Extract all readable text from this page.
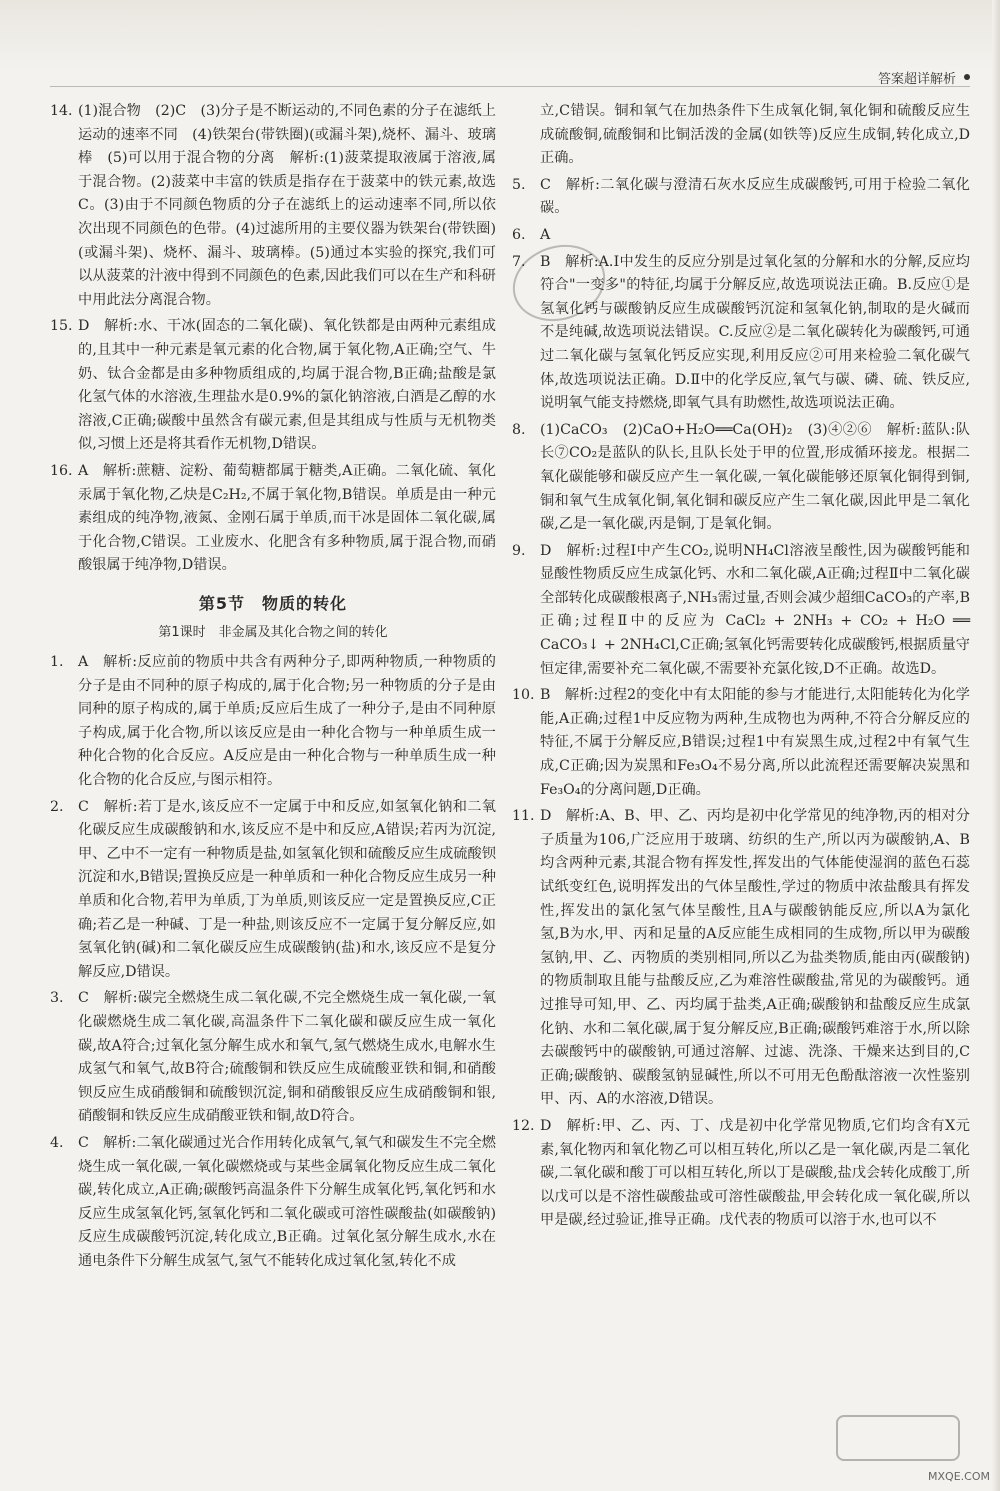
答案超详解析
14. (1)混合物　(2)C　(3)分子是不断运动的,不同色素的分子在滤纸上运动的速率不同　(4)铁架台(带铁圈)(或漏斗架),烧杯、漏斗、玻璃棒　(5)可以用于混合物的分离　解析:(1)菠菜提取液属于溶液,属于混合物。(2)菠菜中丰富的铁质是指存在于菠菜中的铁元素,故选C。(3)由于不同颜色物质的分子在滤纸上的运动速率不同,所以依次出现不同颜色的色带。(4)过滤所用的主要仪器为铁架台(带铁圈)(或漏斗架)、烧杯、漏斗、玻璃棒。(5)通过本实验的探究,我们可以从菠菜的汁液中得到不同颜色的色素,因此我们可以在生产和科研中用此法分离混合物。

15. D　解析:水、干冰(固态的二氧化碳)、氧化铁都是由两种元素组成的,且其中一种元素是氧元素的化合物,属于氧化物,A正确;空气、牛奶、钛合金都是由多种物质组成的,均属于混合物,B正确;盐酸是氯化氢气体的水溶液,生理盐水是0.9%的氯化钠溶液,白酒是乙醇的水溶液,C正确;碳酸中虽然含有碳元素,但是其组成与性质与无机物类似,习惯上还是将其看作无机物,D错误。

16. A　解析:蔗糖、淀粉、葡萄糖都属于糖类,A正确。二氧化硫、氧化汞属于氧化物,乙炔是C₂H₂,不属于氧化物,B错误。单质是由一种元素组成的纯净物,液氮、金刚石属于单质,而干冰是固体二氧化碳,属于化合物,C错误。工业废水、化肥含有多种物质,属于混合物,而硝酸银属于纯净物,D错误。

第5节　物质的转化
第1课时　非金属及其化合物之间的转化
1. A　解析:反应前的物质中共含有两种分子,即两种物质,一种物质的分子是由不同种的原子构成的,属于化合物;另一种物质的分子是由同种的原子构成的,属于单质;反应后生成了一种分子,是由不同种原子构成,属于化合物,所以该反应是由一种化合物与一种单质生成一种化合物的化合反应。A反应是由一种化合物与一种单质生成一种化合物的化合反应,与图示相符。

2. C　解析:若丁是水,该反应不一定属于中和反应,如氢氧化钠和二氧化碳反应生成碳酸钠和水,该反应不是中和反应,A错误;若丙为沉淀,甲、乙中不一定有一种物质是盐,如氢氧化钡和硫酸反应生成硫酸钡沉淀和水,B错误;置换反应是一种单质和一种化合物反应生成另一种单质和化合物,若甲为单质,丁为单质,则该反应一定是置换反应,C正确;若乙是一种碱、丁是一种盐,则该反应不一定属于复分解反应,如氢氧化钠(碱)和二氧化碳反应生成碳酸钠(盐)和水,该反应不是复分解反应,D错误。

3. C　解析:碳完全燃烧生成二氧化碳,不完全燃烧生成一氧化碳,一氧化碳燃烧生成二氧化碳,高温条件下二氧化碳和碳反应生成一氧化碳,故A符合;过氧化氢分解生成水和氧气,氢气燃烧生成水,电解水生成氢气和氧气,故B符合;硫酸铜和铁反应生成硫酸亚铁和铜,和硝酸钡反应生成硝酸铜和硫酸钡沉淀,铜和硝酸银反应生成硝酸铜和银,硝酸铜和铁反应生成硝酸亚铁和铜,故D符合。

4. C　解析:二氧化碳通过光合作用转化成氧气,氧气和碳发生不完全燃烧生成一氧化碳,一氧化碳燃烧或与某些金属氧化物反应生成二氧化碳,转化成立,A正确;碳酸钙高温条件下分解生成氧化钙,氧化钙和水反应生成氢氧化钙,氢氧化钙和二氧化碳或可溶性碳酸盐(如碳酸钠)反应生成碳酸钙沉淀,转化成立,B正确。过氧化氢分解生成水,水在通电条件下分解生成氢气,氢气不能转化成过氧化氢,转化不成

立,C错误。铜和氧气在加热条件下生成氧化铜,氧化铜和硫酸反应生成硫酸铜,硫酸铜和比铜活泼的金属(如铁等)反应生成铜,转化成立,D正确。

5. C　解析:二氧化碳与澄清石灰水反应生成碳酸钙,可用于检验二氧化碳。

6. A

7. B　解析:A.Ⅰ中发生的反应分别是过氧化氢的分解和水的分解,反应均符合"一变多"的特征,均属于分解反应,故选项说法正确。B.反应①是氢氧化钙与碳酸钠反应生成碳酸钙沉淀和氢氧化钠,制取的是火碱而不是纯碱,故选项说法错误。C.反应②是二氧化碳转化为碳酸钙,可通过二氧化碳与氢氧化钙反应实现,利用反应②可用来检验二氧化碳气体,故选项说法正确。D.Ⅱ中的化学反应,氧气与碳、磷、硫、铁反应,说明氧气能支持燃烧,即氧气具有助燃性,故选项说法正确。

8. (1)CaCO₃　(2)CaO+H₂O══Ca(OH)₂　(3)④②⑥　解析:蓝队:队长⑦CO₂是蓝队的队长,且队长处于甲的位置,形成循环接龙。根据二氧化碳能够和碳反应产生一氧化碳,一氧化碳能够还原氧化铜得到铜,铜和氧气生成氧化铜,氧化铜和碳反应产生二氧化碳,因此甲是二氧化碳,乙是一氧化碳,丙是铜,丁是氧化铜。

9. D　解析:过程Ⅰ中产生CO₂,说明NH₄Cl溶液呈酸性,因为碳酸钙能和显酸性物质反应生成氯化钙、水和二氧化碳,A正确;过程Ⅱ中二氧化碳全部转化成碳酸根离子,NH₃需过量,否则会减少超细CaCO₃的产率,B正确;过程Ⅱ中的反应为 CaCl₂ + 2NH₃ + CO₂ + H₂O ══ CaCO₃↓ + 2NH₄Cl,C正确;氢氧化钙需要转化成碳酸钙,根据质量守恒定律,需要补充二氧化碳,不需要补充氯化铵,D不正确。故选D。

10. B　解析:过程2的变化中有太阳能的参与才能进行,太阳能转化为化学能,A正确;过程1中反应物为两种,生成物也为两种,不符合分解反应的特征,不属于分解反应,B错误;过程1中有炭黑生成,过程2中有氧气生成,C正确;因为炭黑和Fe₃O₄不易分离,所以此流程还需要解决炭黑和Fe₃O₄的分离问题,D正确。

11. D　解析:A、B、甲、乙、丙均是初中化学常见的纯净物,丙的相对分子质量为106,广泛应用于玻璃、纺织的生产,所以丙为碳酸钠,A、B均含两种元素,其混合物有挥发性,挥发出的气体能使湿润的蓝色石蕊试纸变红色,说明挥发出的气体呈酸性,学过的物质中浓盐酸具有挥发性,挥发出的氯化氢气体呈酸性,且A与碳酸钠能反应,所以A为氯化氢,B为水,甲、丙和足量的A反应能生成相同的生成物,所以甲为碳酸氢钠,甲、乙、丙物质的类别相同,所以乙为盐类物质,能由丙(碳酸钠)的物质制取且能与盐酸反应,乙为难溶性碳酸盐,常见的为碳酸钙。通过推导可知,甲、乙、丙均属于盐类,A正确;碳酸钠和盐酸反应生成氯化钠、水和二氧化碳,属于复分解反应,B正确;碳酸钙难溶于水,所以除去碳酸钙中的碳酸钠,可通过溶解、过滤、洗涤、干燥来达到目的,C正确;碳酸钠、碳酸氢钠显碱性,所以不可用无色酚酞溶液一次性鉴别甲、丙、A的水溶液,D错误。

12. D　解析:甲、乙、丙、丁、戊是初中化学常见物质,它们均含有X元素,氧化物丙和氧化物乙可以相互转化,所以乙是一氧化碳,丙是二氧化碳,二氧化碳和酸丁可以相互转化,所以丁是碳酸,盐戊会转化成酸丁,所以戊可以是不溶性碳酸盐或可溶性碳酸盐,甲会转化成一氧化碳,所以甲是碳,经过验证,推导正确。戊代表的物质可以溶于水,也可以不

MXQE.COM
